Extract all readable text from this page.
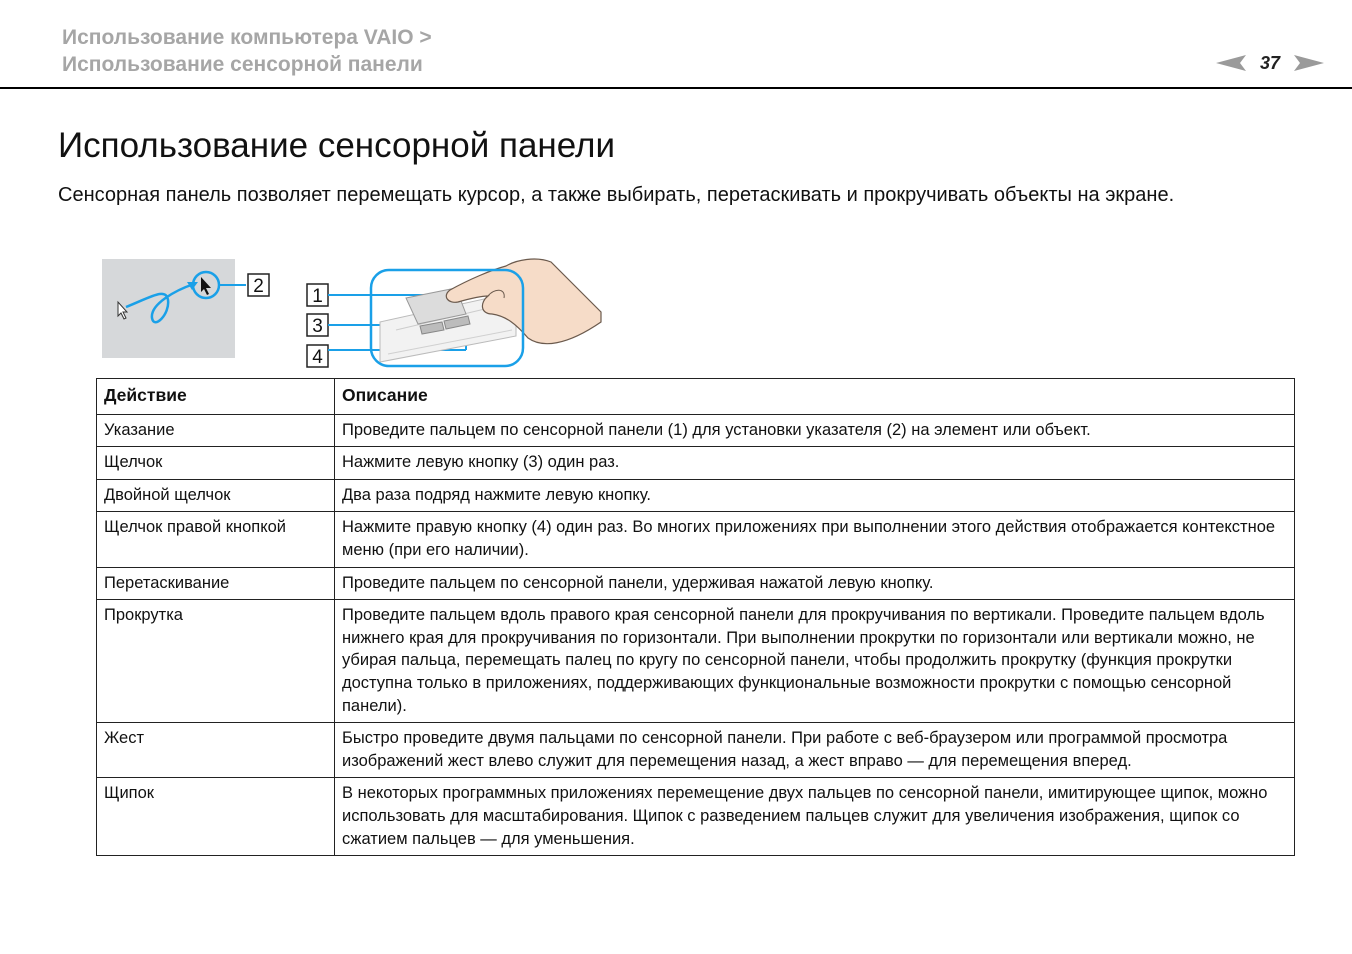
Использование компьютера VAIO >
Использование сенсорной панели	37
Использование сенсорной панели

Сенсорная панель позволяет перемещать курсор, а также выбирать, перетаскивать и прокручивать объекты на экране.

2	1
3
4
Действие	Описание
Указание	Проведите пальцем по сенсорной панели (1) для установки указателя (2) на элемент или объект.
Щелчок	Нажмите левую кнопку (3) один раз.
Двойной щелчок	Два раза подряд нажмите левую кнопку.
Щелчок правой кнопкой	Нажмите правую кнопку (4) один раз. Во многих приложениях при выполнении этого действия отображается контекстное меню (при его наличии).
Перетаскивание	Проведите пальцем по сенсорной панели, удерживая нажатой левую кнопку.
Прокрутка	Проведите пальцем вдоль правого края сенсорной панели для прокручивания по вертикали. Проведите пальцем вдоль нижнего края для прокручивания по горизонтали. При выполнении прокрутки по горизонтали или вертикали можно, не убирая пальца, перемещать палец по кругу по сенсорной панели, чтобы продолжить прокрутку (функция прокрутки доступна только в приложениях, поддерживающих функциональные возможности прокрутки с помощью сенсорной панели).
Жест	Быстро проведите двумя пальцами по сенсорной панели. При работе с веб-браузером или программой просмотра изображений жест влево служит для перемещения назад, а жест вправо — для перемещения вперед.
Щипок	В некоторых программных приложениях перемещение двух пальцев по сенсорной панели, имитирующее щипок, можно использовать для масштабирования. Щипок с разведением пальцев служит для увеличения изображения, щипок со сжатием пальцев — для уменьшения.
